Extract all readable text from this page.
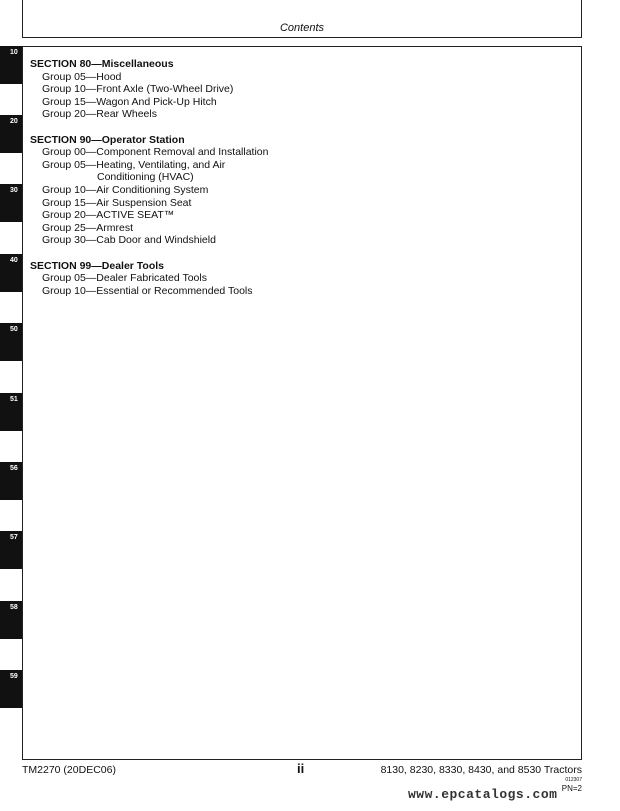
Contents
10
20
30
40
50
51
56
57
58
59
SECTION 80—Miscellaneous
Group 05—Hood
Group 10—Front Axle (Two-Wheel Drive)
Group 15—Wagon And Pick-Up Hitch
Group 20—Rear Wheels
SECTION 90—Operator Station
Group 00—Component Removal and Installation
Group 05—Heating, Ventilating, and Air
Conditioning (HVAC)
Group 10—Air Conditioning System
Group 15—Air Suspension Seat
Group 20—ACTIVE SEAT™
Group 25—Armrest
Group 30—Cab Door and Windshield
SECTION 99—Dealer Tools
Group 05—Dealer Fabricated Tools
Group 10—Essential or Recommended Tools
TM2270 (20DEC06)	ii	8130, 8230, 8330, 8430, and 8530 Tractors
012307
PN=2
www.epcatalogs.com
